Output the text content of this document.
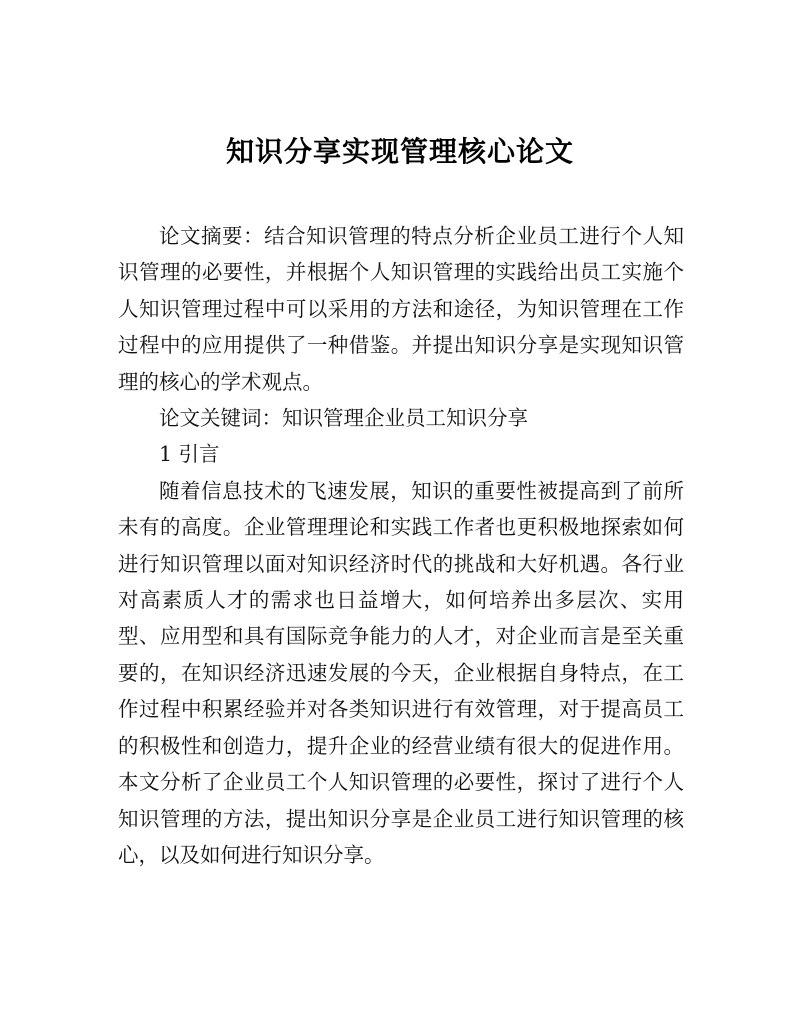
知识分享实现管理核心论文

论文摘要：结合知识管理的特点分析企业员工进行个人知识管理的必要性，并根据个人知识管理的实践给出员工实施个人知识管理过程中可以采用的方法和途径，为知识管理在工作过程中的应用提供了一种借鉴。并提出知识分享是实现知识管理的核心的学术观点。

论文关键词：知识管理企业员工知识分享

1 引言

随着信息技术的飞速发展，知识的重要性被提高到了前所未有的高度。企业管理理论和实践工作者也更积极地探索如何进行知识管理以面对知识经济时代的挑战和大好机遇。各行业对高素质人才的需求也日益增大，如何培养出多层次、实用型、应用型和具有国际竞争能力的人才，对企业而言是至关重要的，在知识经济迅速发展的今天，企业根据自身特点，在工作过程中积累经验并对各类知识进行有效管理，对于提高员工的积极性和创造力，提升企业的经营业绩有很大的促进作用。本文分析了企业员工个人知识管理的必要性，探讨了进行个人知识管理的方法，提出知识分享是企业员工进行知识管理的核心，以及如何进行知识分享。
